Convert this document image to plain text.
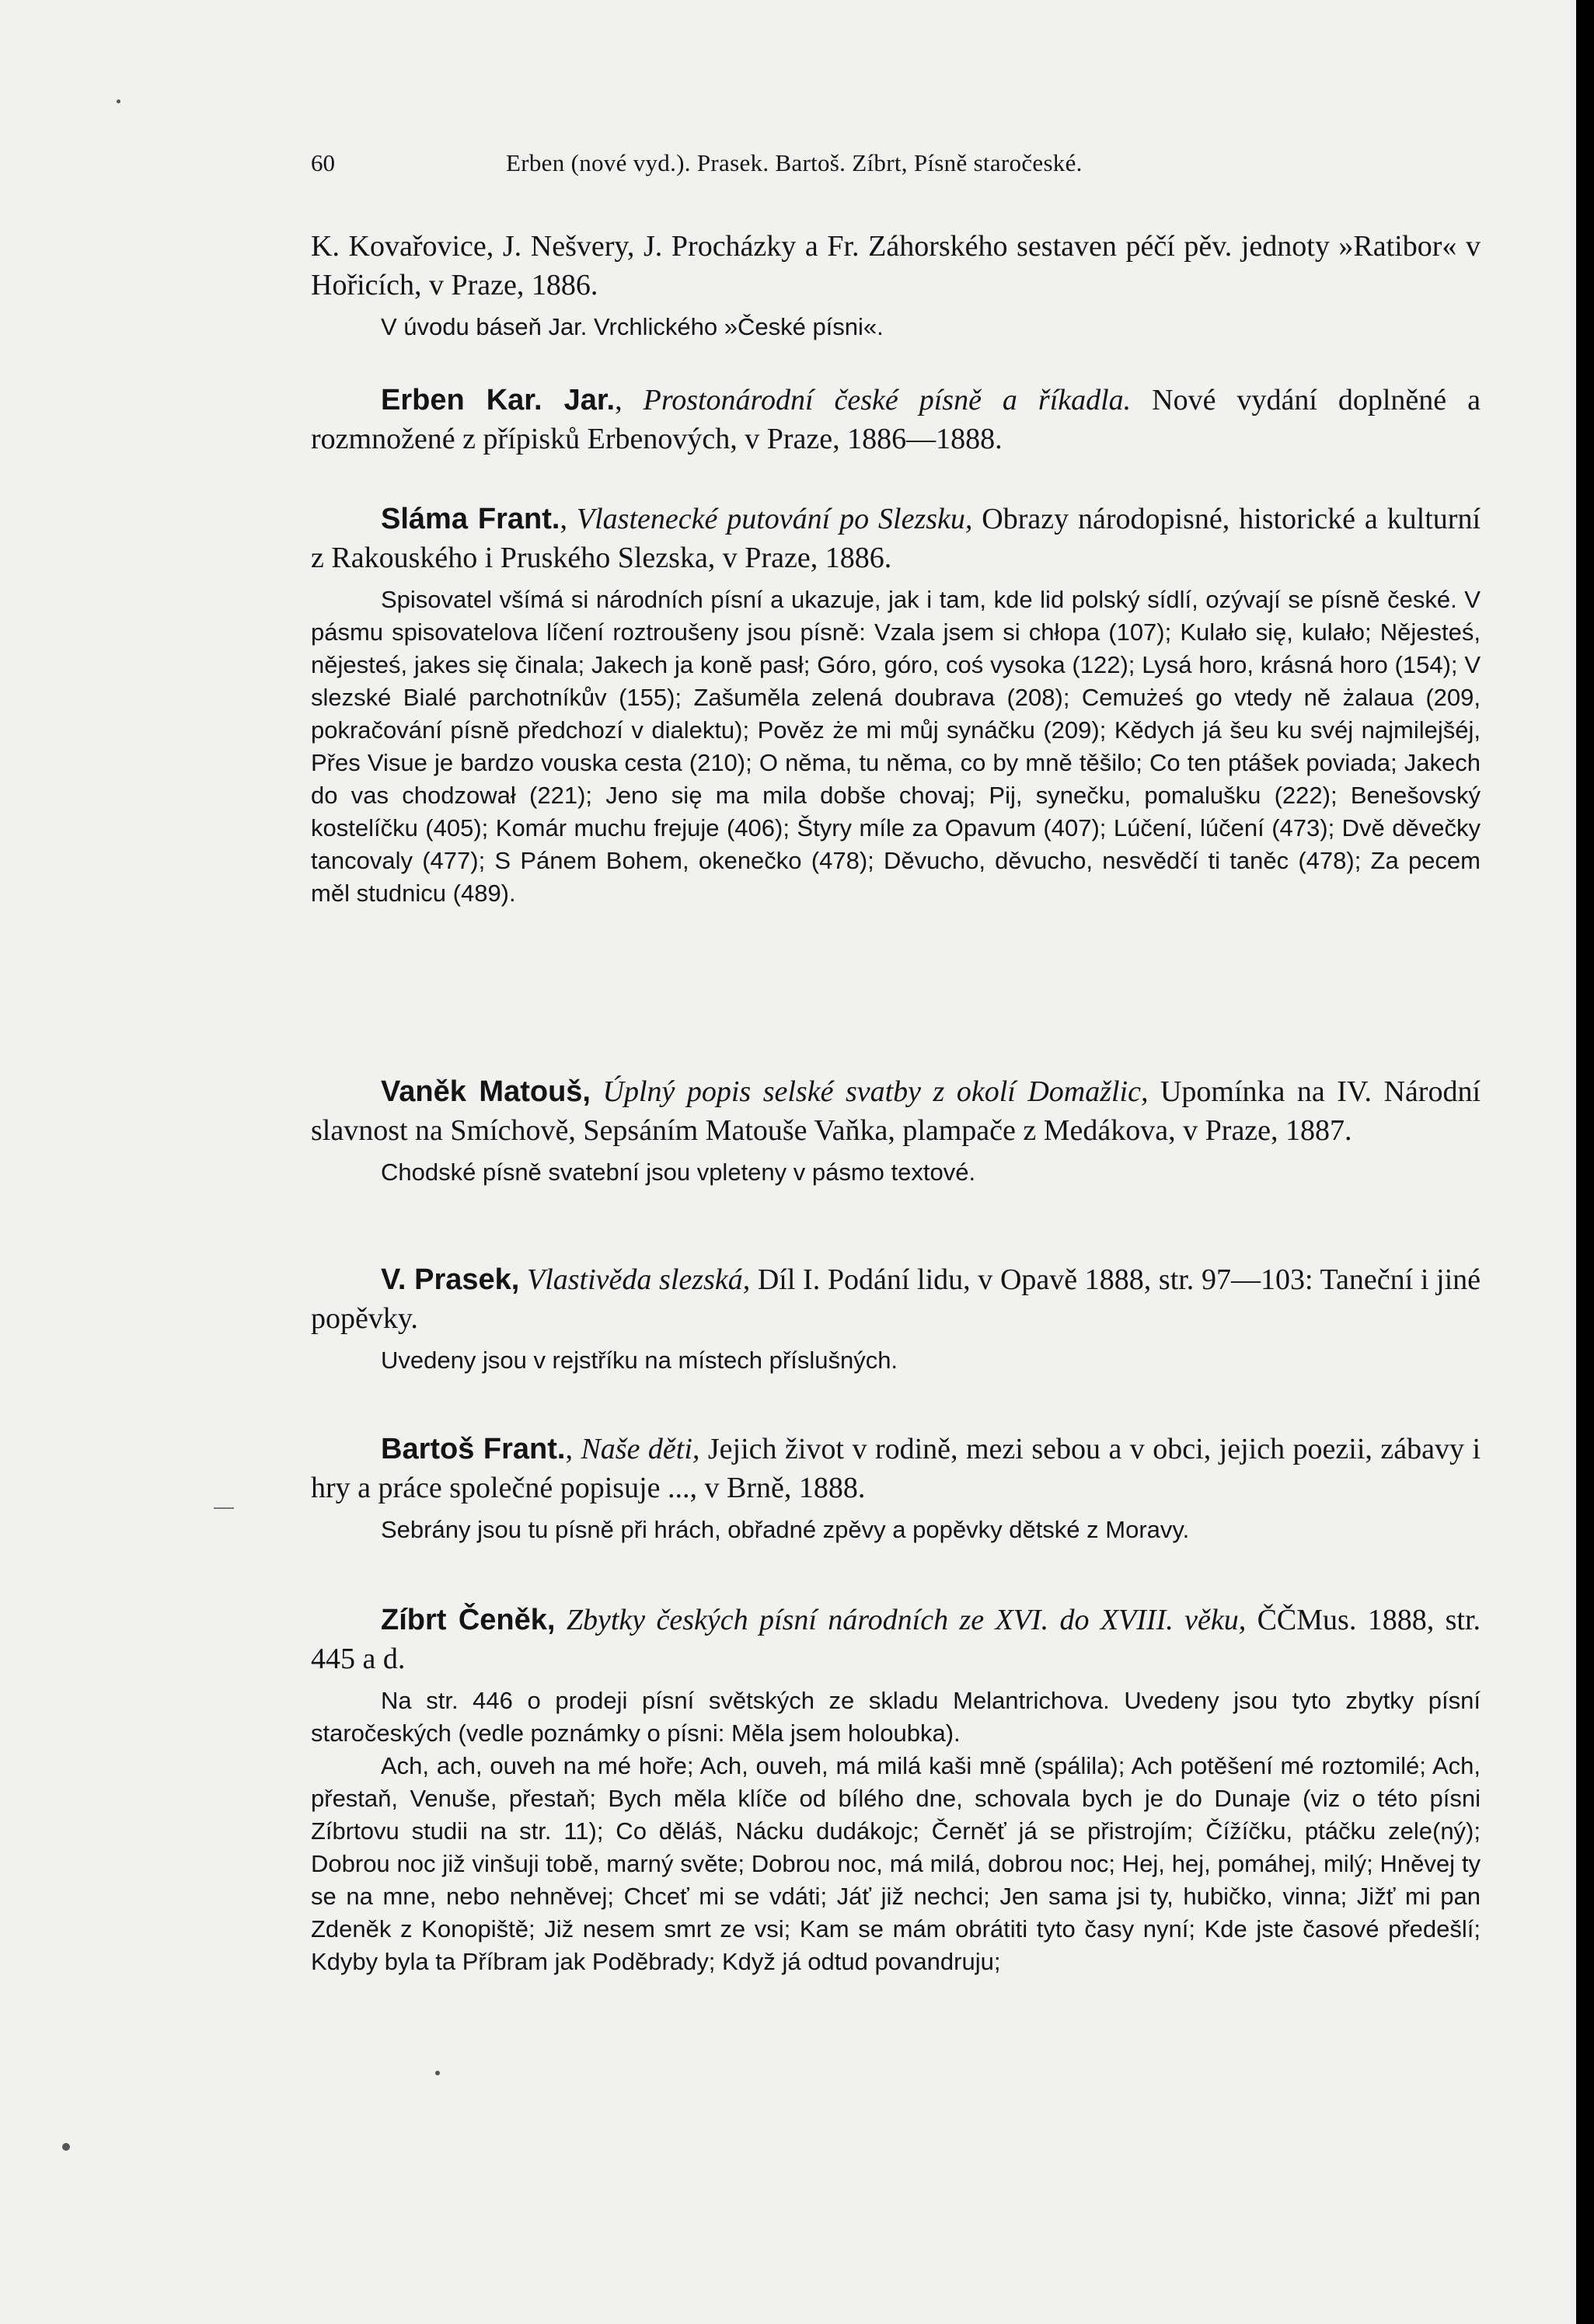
60	Erben (nové vyd.). Prasek. Bartoš. Zíbrt, Písně staročeské.

K. Kovařovice, J. Nešvery, J. Procházky a Fr. Záhorského sestaven péčí pěv. jednoty »Ratibor« v Hořicích, v Praze, 1886.

V úvodu báseň Jar. Vrchlického »České písni«.

Erben Kar. Jar., Prostonárodní české písně a říkadla. Nové vydání doplněné a rozmnožené z přípisků Erbenových, v Praze, 1886—1888.

Sláma Frant., Vlastenecké putování po Slezsku, Obrazy národopisné, historické a kulturní z Rakouského i Pruského Slezska, v Praze, 1886.

Spisovatel všímá si národních písní a ukazuje, jak i tam, kde lid polský sídlí, ozývají se písně české. V pásmu spisovatelova líčení roztroušeny jsou písně: Vzala jsem si chłopa (107); Kulało się, kulało; Nějesteś, nějesteś, jakes się činala; Jakech ja koně pasł; Góro, góro, coś vysoka (122); Lysá horo, krásná horo (154); V slezské Bialé parchotníkův (155); Zašuměla zelená doubrava (208); Cemużeś go vtedy ně żalaua (209, pokračování písně předchozí v dialektu); Pověz że mi můj synáčku (209); Kědych já šeu ku svéj najmilejšéj, Přes Visue je bardzo vouska cesta (210); O něma, tu něma, co by mně těšilo; Co ten ptášek poviada; Jakech do vas chodzował (221); Jeno się ma mila dobše chovaj; Pij, synečku, pomalušku (222); Benešovský kostelíčku (405); Komár muchu frejuje (406); Štyry míle za Opavum (407); Lúčení, lúčení (473); Dvě děvečky tancovaly (477); S Pánem Bohem, okenečko (478); Děvucho, děvucho, nesvědčí ti taněc (478); Za pecem měl studnicu (489).

Vaněk Matouš, Úplný popis selské svatby z okolí Domažlic, Upomínka na IV. Národní slavnost na Smíchově, Sepsáním Matouše Vaňka, plampače z Medákova, v Praze, 1887.

Chodské písně svatební jsou vpleteny v pásmo textové.

V. Prasek, Vlastivěda slezská, Díl I. Podání lidu, v Opavě 1888, str. 97—103: Taneční i jiné popěvky.

Uvedeny jsou v rejstříku na místech příslušných.

Bartoš Frant., Naše děti, Jejich život v rodině, mezi sebou a v obci, jejich poezii, zábavy i hry a práce společné popisuje ..., v Brně, 1888.

Sebrány jsou tu písně při hrách, obřadné zpěvy a popěvky dětské z Moravy.

Zíbrt Čeněk, Zbytky českých písní národních ze XVI. do XVIII. věku, ČČMus. 1888, str. 445 a d.

Na str. 446 o prodeji písní světských ze skladu Melantrichova. Uvedeny jsou tyto zbytky písní staročeských (vedle poznámky o písni: Měla jsem holoubka).

Ach, ach, ouveh na mé hoře; Ach, ouveh, má milá kaši mně (spálila); Ach potěšení mé roztomilé; Ach, přestaň, Venuše, přestaň; Bych měla klíče od bílého dne, schovala bych je do Dunaje (viz o této písni Zíbrtovu studii na str. 11); Co děláš, Nácku dudákojc; Černěť já se přistrojím; Čížíčku, ptáčku zele(ný); Dobrou noc již vinšuji tobě, marný světe; Dobrou noc, má milá, dobrou noc; Hej, hej, pomáhej, milý; Hněvej ty se na mne, nebo nehněvej; Chceť mi se vdáti; Jáť již nechci; Jen sama jsi ty, hubičko, vinna; Jižť mi pan Zdeněk z Konopiště; Již nesem smrt ze vsi; Kam se mám obrátiti tyto časy nyní; Kde jste časové předešlí; Kdyby byla ta Příbram jak Poděbrady; Když já odtud povandruju;
